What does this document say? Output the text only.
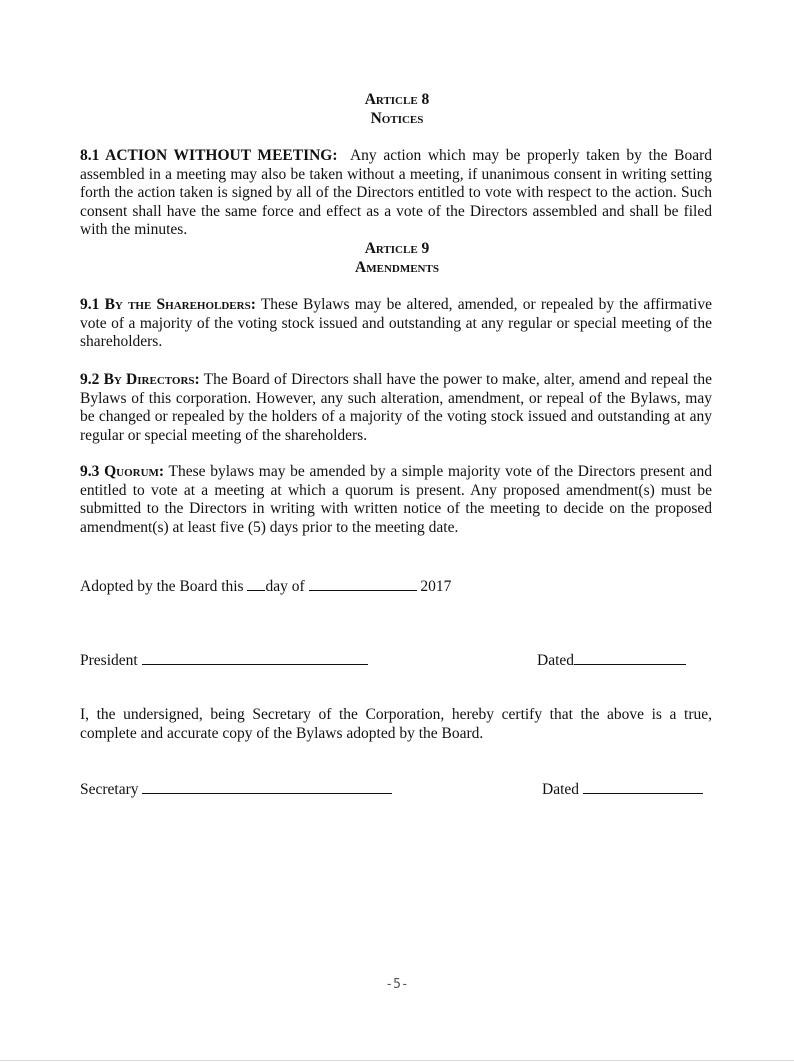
Article 8
Notices
8.1 ACTION WITHOUT MEETING: Any action which may be properly taken by the Board assembled in a meeting may also be taken without a meeting, if unanimous consent in writing setting forth the action taken is signed by all of the Directors entitled to vote with respect to the action. Such consent shall have the same force and effect as a vote of the Directors assembled and shall be filed with the minutes.
Article 9
Amendments
9.1 By the Shareholders: These Bylaws may be altered, amended, or repealed by the affirmative vote of a majority of the voting stock issued and outstanding at any regular or special meeting of the shareholders.
9.2 By Directors: The Board of Directors shall have the power to make, alter, amend and repeal the Bylaws of this corporation. However, any such alteration, amendment, or repeal of the Bylaws, may be changed or repealed by the holders of a majority of the voting stock issued and outstanding at any regular or special meeting of the shareholders.
9.3 Quorum: These bylaws may be amended by a simple majority vote of the Directors present and entitled to vote at a meeting at which a quorum is present. Any proposed amendment(s) must be submitted to the Directors in writing with written notice of the meeting to decide on the proposed amendment(s) at least five (5) days prior to the meeting date.
Adopted by the Board this day of	2017
President	Dated
I, the undersigned, being Secretary of the Corporation, hereby certify that the above is a true, complete and accurate copy of the Bylaws adopted by the Board.
Secretary	Dated
-5-
